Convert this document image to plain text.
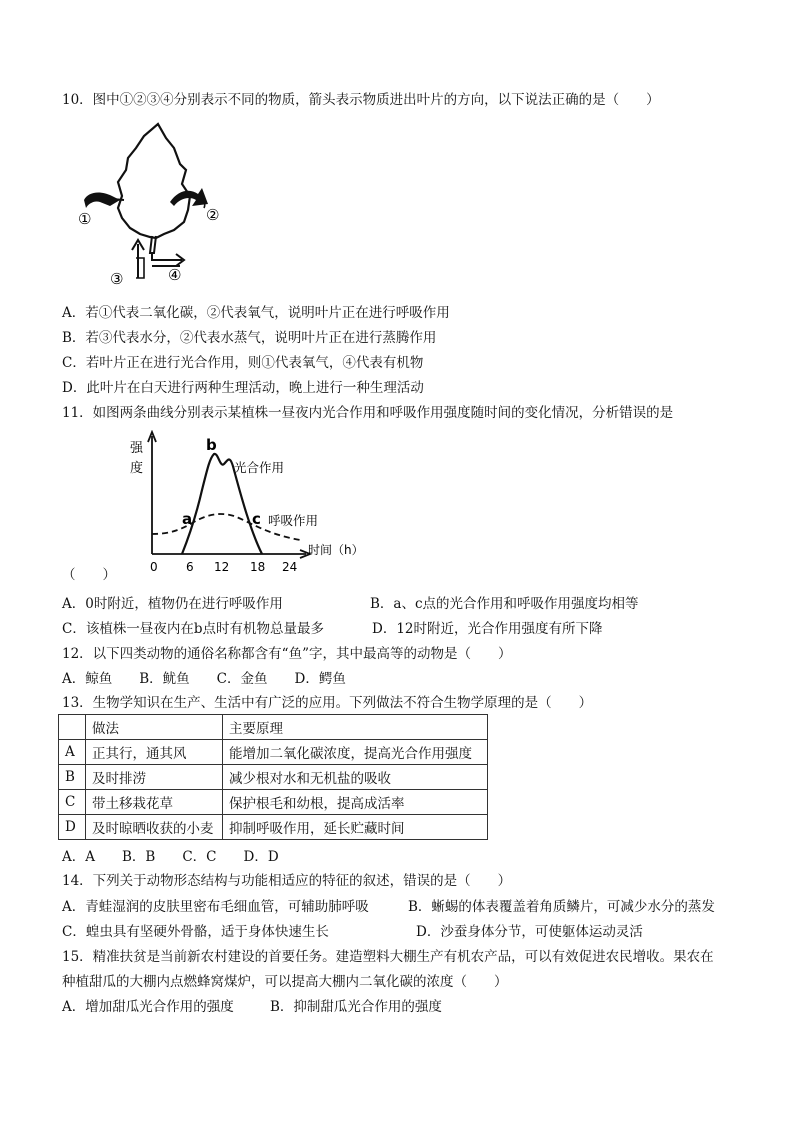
10．图中①②③④分别表示不同的物质，箭头表示物质进出叶片的方向，以下说法正确的是（　　）
①	②
③	④
A．若①代表二氧化碳，②代表氧气，说明叶片正在进行呼吸作用
B．若③代表水分，②代表水蒸气，说明叶片正在进行蒸腾作用
C．若叶片正在进行光合作用，则①代表氧气，④代表有机物
D．此叶片在白天进行两种生理活动，晚上进行一种生理活动
11．如图两条曲线分别表示某植株一昼夜内光合作用和呼吸作用强度随时间的变化情况，分析错误的是
强
度
时间（h）
0 6 12 18 24
a
b
c
光合作用
呼吸作用
（　　）
A．0时附近，植物仍在进行呼吸作用	B．a、c点的光合作用和呼吸作用强度均相等
C．该植株一昼夜内在b点时有机物总量最多	D．12时附近，光合作用强度有所下降
12．以下四类动物的通俗名称都含有“鱼”字，其中最高等的动物是（　　）
A．鲸鱼　　B．鱿鱼　　C．金鱼　　D．鳄鱼
13．生物学知识在生产、生活中有广泛的应用。下列做法不符合生物学原理的是（　　）
	做法	主要原理
A	正其行，通其风	能增加二氧化碳浓度，提高光合作用强度
B	及时排涝	减少根对水和无机盐的吸收
C	带土移栽花草	保护根毛和幼根，提高成活率
D	及时晾晒收获的小麦	抑制呼吸作用，延长贮藏时间
A．A　　B．B　　C．C　　D．D
14．下列关于动物形态结构与功能相适应的特征的叙述，错误的是（　　）
A．青蛙湿润的皮肤里密布毛细血管，可辅助肺呼吸	B．蜥蜴的体表覆盖着角质鳞片，可减少水分的蒸发
C．蝗虫具有坚硬外骨骼，适于身体快速生长	D．沙蚕身体分节，可使躯体运动灵活
15．精准扶贫是当前新农村建设的首要任务。建造塑料大棚生产有机农产品，可以有效促进农民增收。果农在
种植甜瓜的大棚内点燃蜂窝煤炉，可以提高大棚内二氧化碳的浓度（　　）
A．增加甜瓜光合作用的强度	B．抑制甜瓜光合作用的强度
